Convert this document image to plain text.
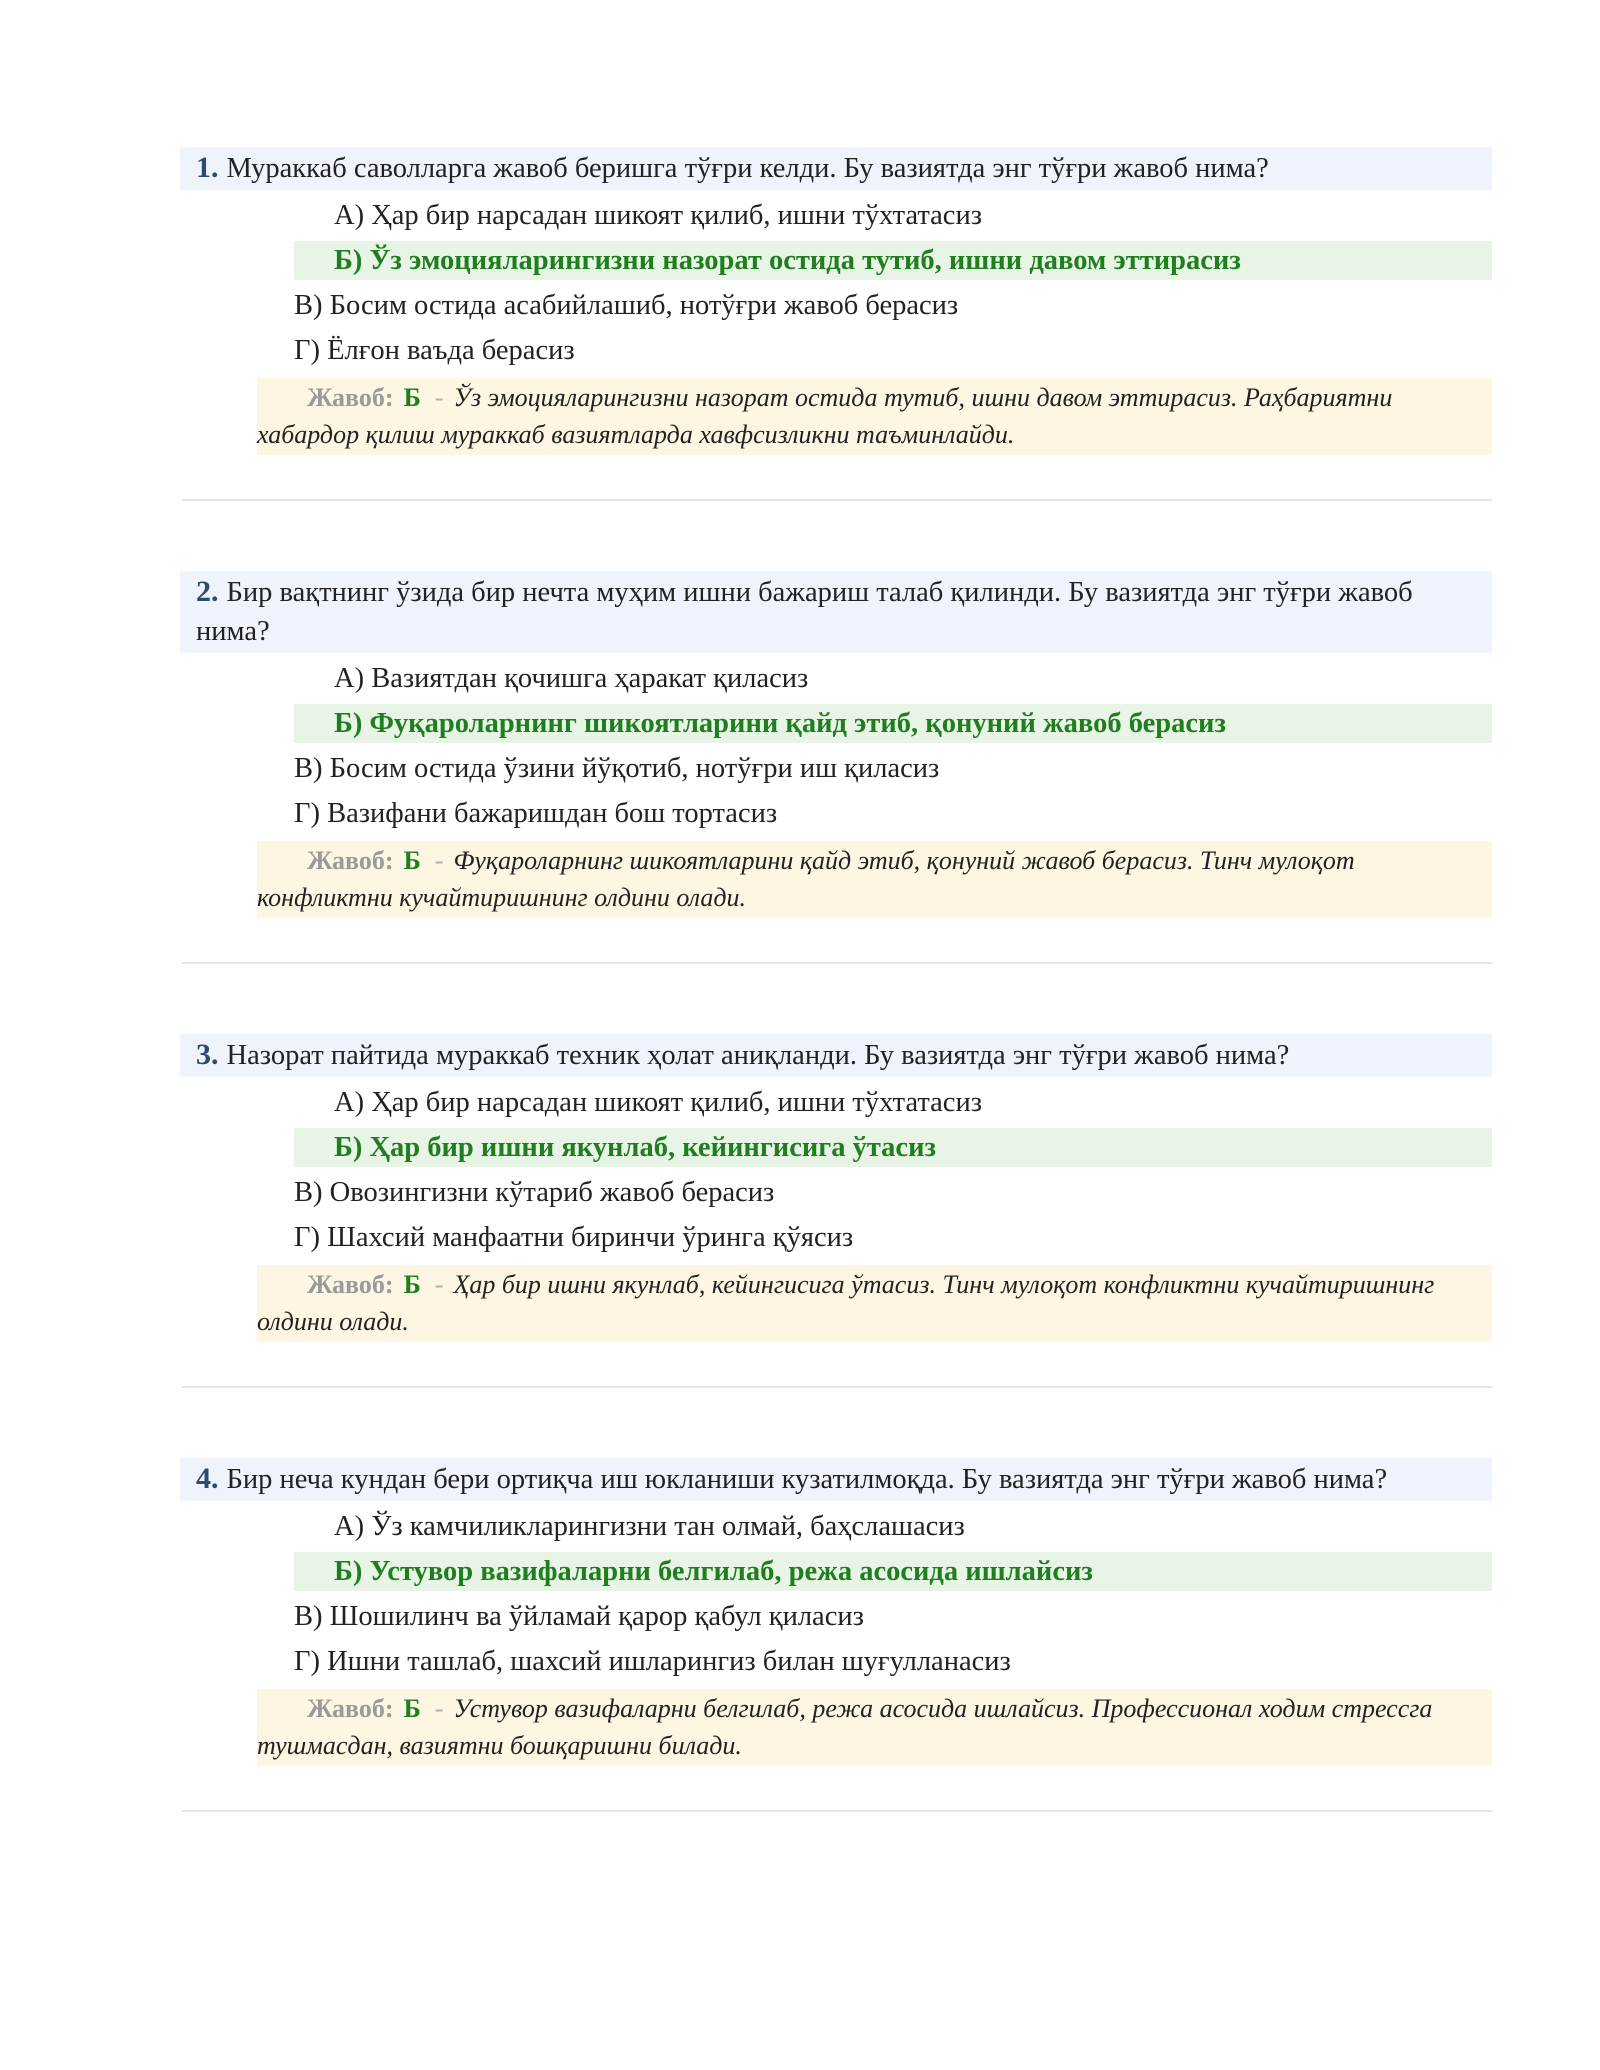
1. Мураккаб саволларга жавоб беришга тўғри келди. Бу вазиятда энг тўғри жавоб нима?
А) Ҳар бир нарсадан шикоят қилиб, ишни тўхтатасиз
Б) Ўз эмоцияларингизни назорат остида тутиб, ишни давом эттирасиз
В) Босим остида асабийлашиб, нотўғри жавоб берасиз
Г) Ёлғон ваъда берасиз
Жавоб: Б - Ўз эмоцияларингизни назорат остида тутиб, ишни давом эттирасиз. Раҳбариятни хабардор қилиш мураккаб вазиятларда хавфсизликни таъминлайди.
2. Бир вақтнинг ўзида бир нечта муҳим ишни бажариш талаб қилинди. Бу вазиятда энг тўғри жавоб нима?
А) Вазиятдан қочишга ҳаракат қиласиз
Б) Фуқароларнинг шикоятларини қайд этиб, қонуний жавоб берасиз
В) Босим остида ўзини йўқотиб, нотўғри иш қиласиз
Г) Вазифани бажаришдан бош тортасиз
Жавоб: Б - Фуқароларнинг шикоятларини қайд этиб, қонуний жавоб берасиз. Тинч мулоқот конфликтни кучайтиришнинг олдини олади.
3. Назорат пайтида мураккаб техник ҳолат аниқланди. Бу вазиятда энг тўғри жавоб нима?
А) Ҳар бир нарсадан шикоят қилиб, ишни тўхтатасиз
Б) Ҳар бир ишни якунлаб, кейингисига ўтасиз
В) Овозингизни кўтариб жавоб берасиз
Г) Шахсий манфаатни биринчи ўринга қўясиз
Жавоб: Б - Ҳар бир ишни якунлаб, кейингисига ўтасиз. Тинч мулоқот конфликтни кучайтиришнинг олдини олади.
4. Бир неча кундан бери ортиқча иш юкланиши кузатилмоқда. Бу вазиятда энг тўғри жавоб нима?
А) Ўз камчиликларингизни тан олмай, баҳслашасиз
Б) Устувор вазифаларни белгилаб, режа асосида ишлайсиз
В) Шошилинч ва ўйламай қарор қабул қиласиз
Г) Ишни ташлаб, шахсий ишларингиз билан шуғулланасиз
Жавоб: Б - Устувор вазифаларни белгилаб, режа асосида ишлайсиз. Профессионал ходим стрессга тушмасдан, вазиятни бошқаришни билади.
